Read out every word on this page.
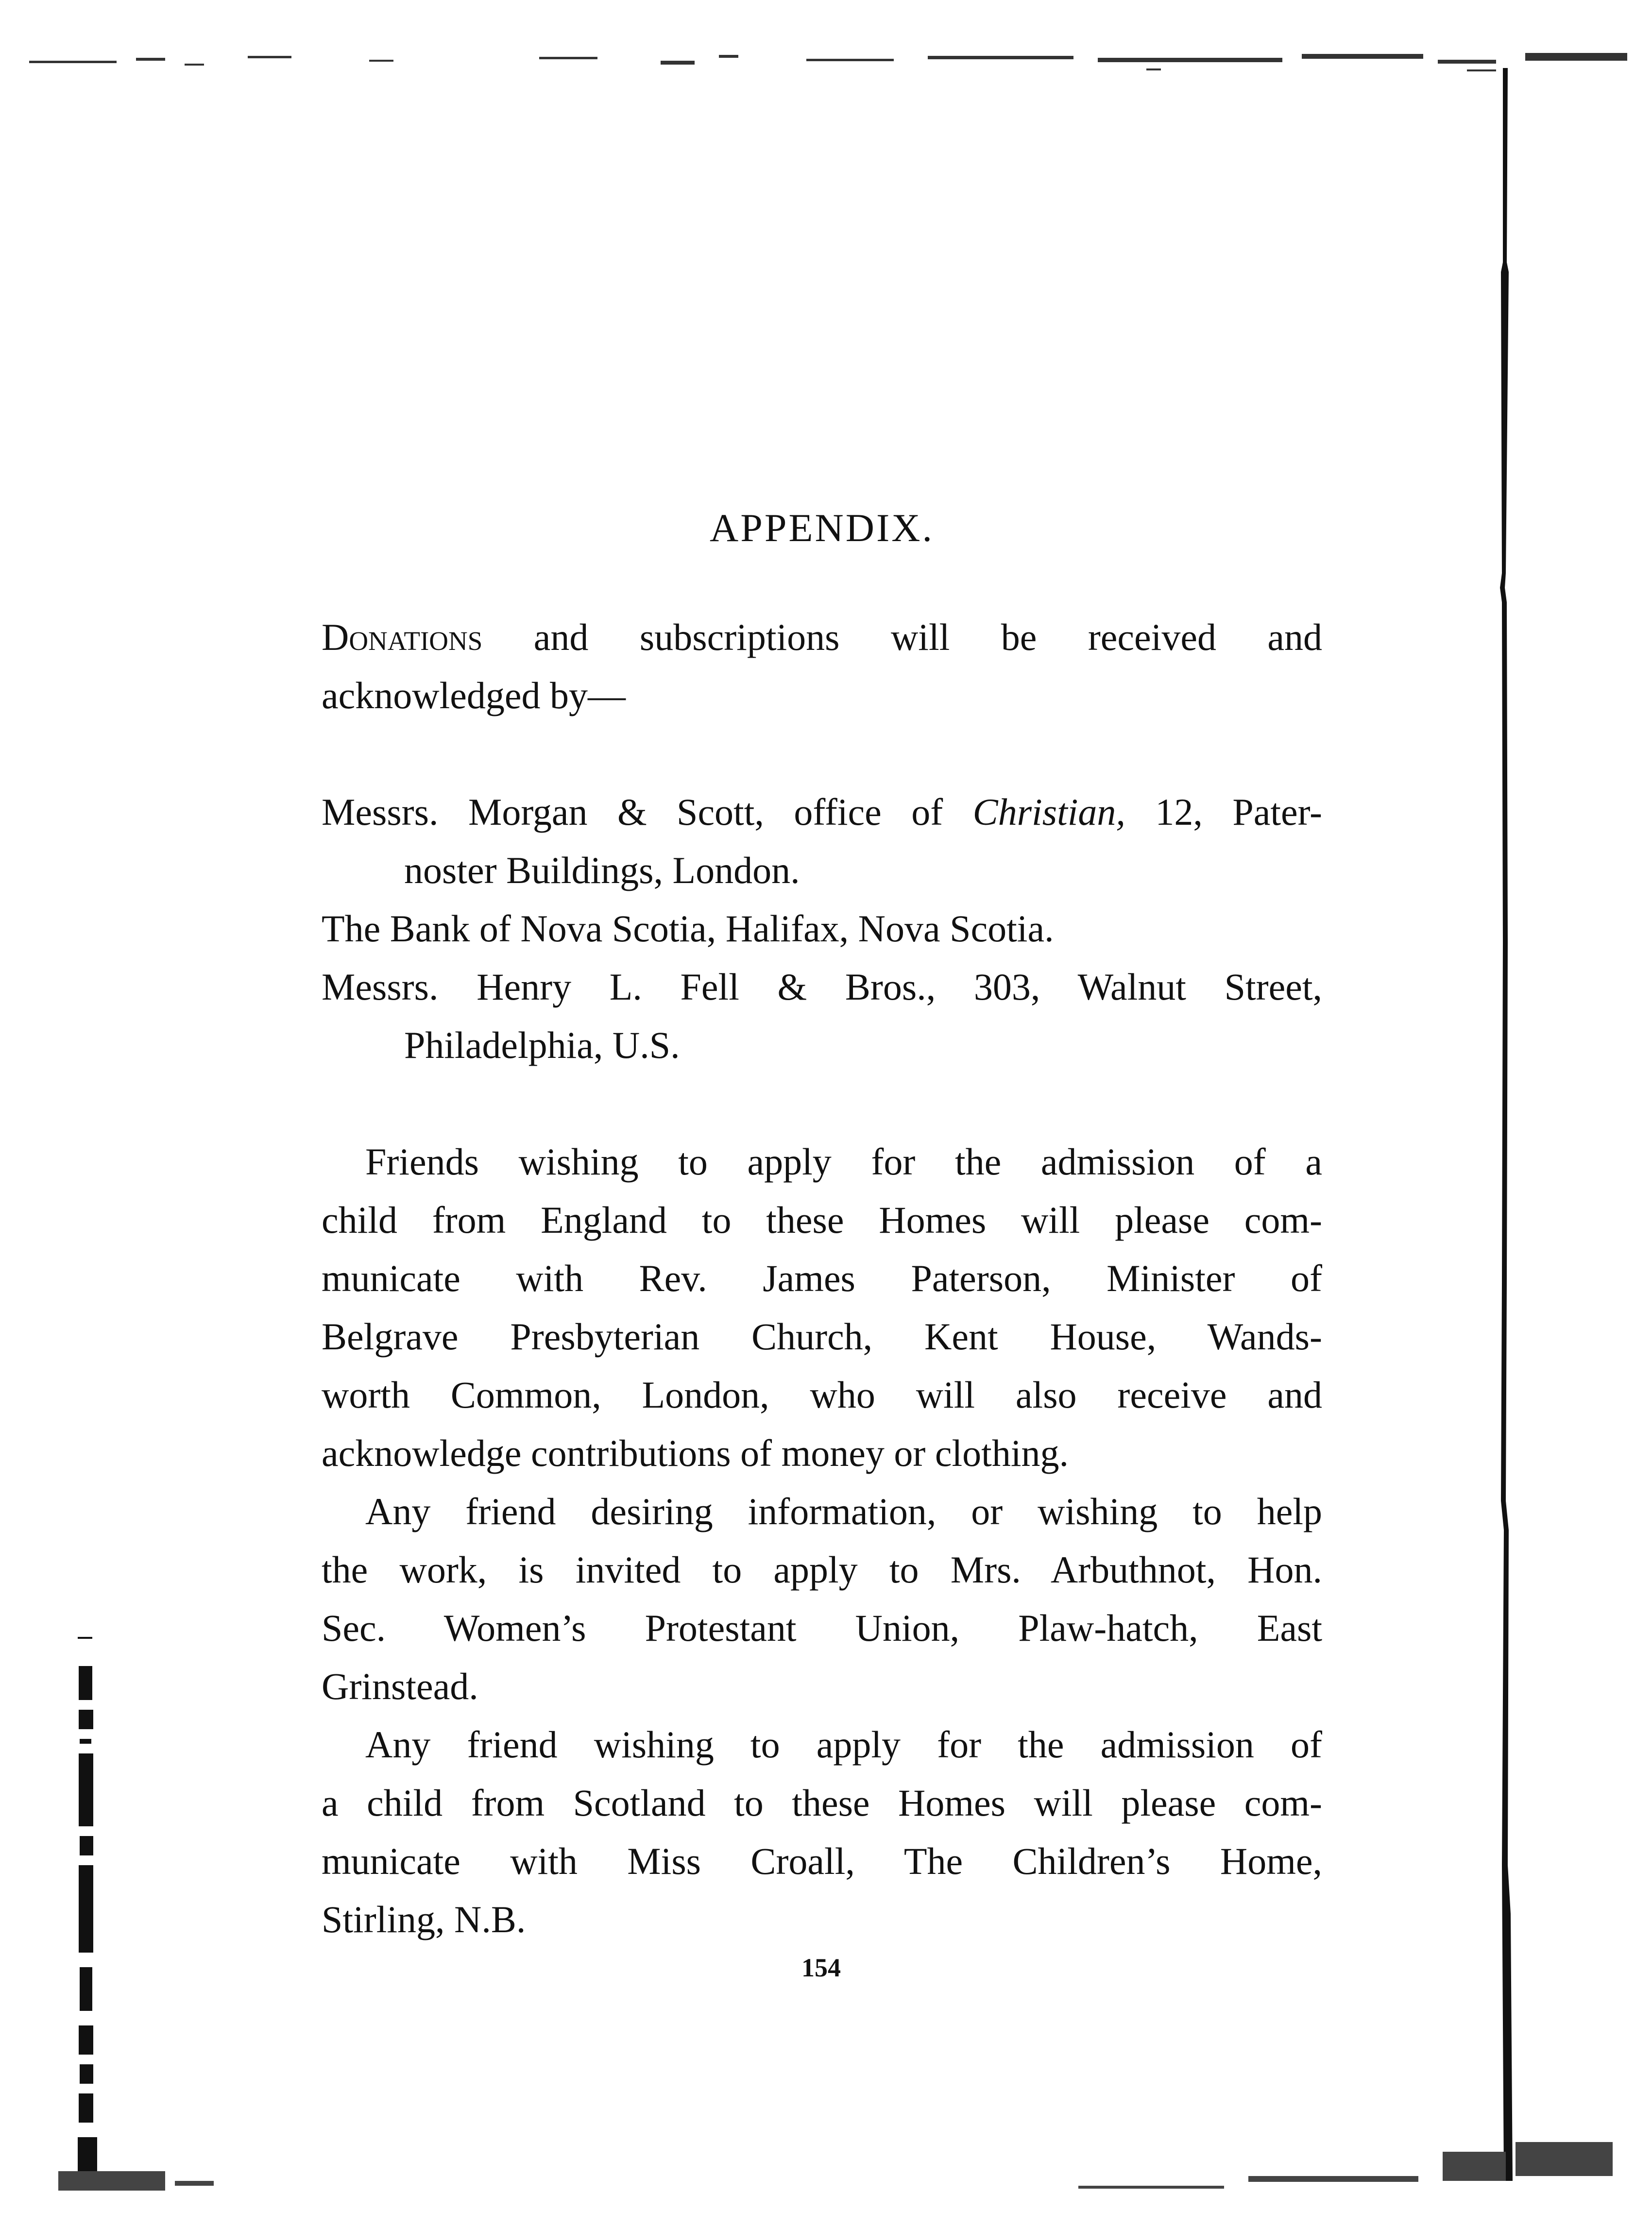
APPENDIX.
Donations and subscriptions will be received and
acknowledged by—
Messrs. Morgan & Scott, office of Christian, 12, Pater-
noster Buildings, London.
The Bank of Nova Scotia, Halifax, Nova Scotia.
Messrs. Henry L. Fell & Bros., 303, Walnut Street,
Philadelphia, U.S.
Friends wishing to apply for the admission of a
child from England to these Homes will please com-
municate with Rev. James Paterson, Minister of
Belgrave Presbyterian Church, Kent House, Wands-
worth Common, London, who will also receive and
acknowledge contributions of money or clothing.
Any friend desiring information, or wishing to help
the work, is invited to apply to Mrs. Arbuthnot, Hon.
Sec. Women’s Protestant Union, Plaw-hatch, East
Grinstead.
Any friend wishing to apply for the admission of
a child from Scotland to these Homes will please com-
municate with Miss Croall, The Children’s Home,
Stirling, N.B.
154
